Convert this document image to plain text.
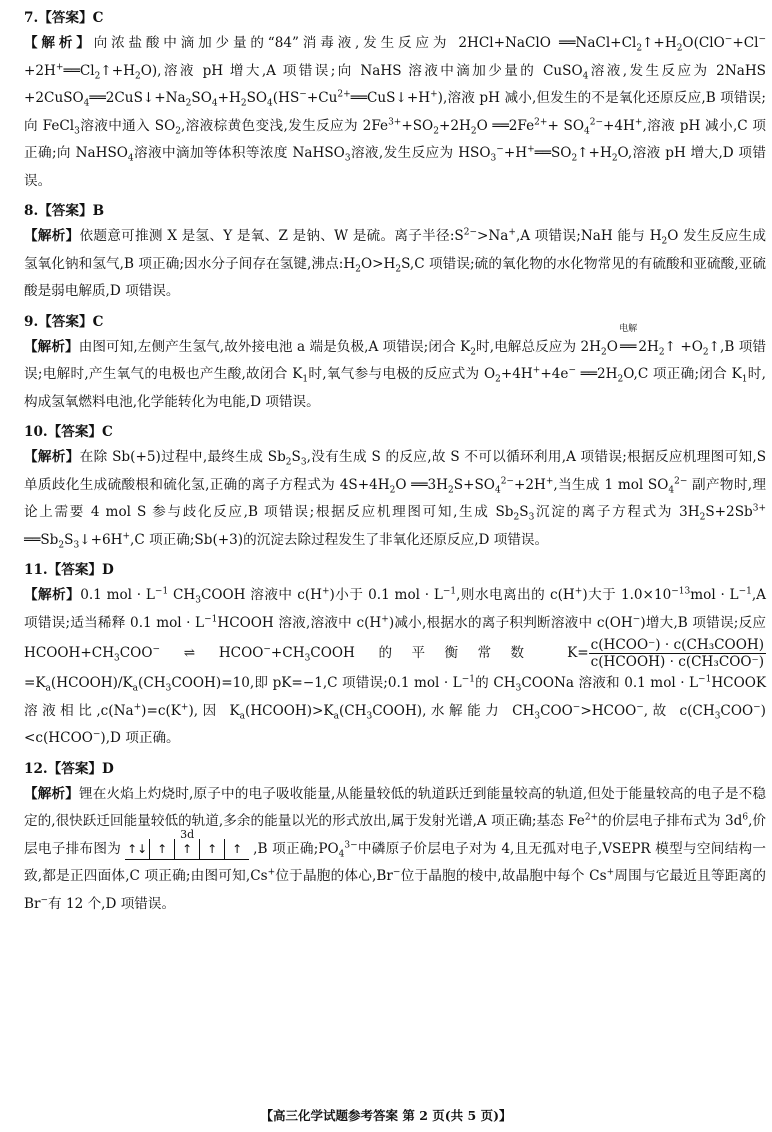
7.【答案】C

【解析】向浓盐酸中滴加少量的“84”消毒液,发生反应为 2HCl+NaClO $══NaCl+Cl_2↑+H_2O(ClO^-+Cl^-+2H^+══Cl_2↑+H_2O)$,溶液 pH 增大,A 项错误;向 NaHS 溶液中滴加少量的 CuSO$_4$溶液,发生反应为 2NaHS $+2CuSO_4══2CuS↓+Na_2SO_4+H_2SO_4(HS^-+Cu^{2+}══CuS↓+H^+)$,溶液 pH 减小,但发生的不是氧化还原反应,B 项错误;向 FeCl$_3$溶液中通入 $SO_2$,溶液棕黄色变浅,发生反应为 $2Fe^{3+}+SO_2+2H_2O$ $══2Fe^{2+}+ SO_4^{2-}+4H^+$,溶液 pH 减小,C 项正确;向 NaHSO$_4$溶液中滴加等体积等浓度 NaHSO$_3$溶液,发生反应为 $HSO_3^-+H^+══SO_2↑+H_2O$,溶液 pH 增大,D 项错误。

8.【答案】B

【解析】依题意可推测 X 是氢、Y 是氧、Z 是钠、W 是硫。离子半径$:S^{2-}>Na^+,A$ 项错误;NaH 能与 $H_2O$ 发生反应生成氢氧化钠和氢气,B 项正确;因水分子间存在氢键,沸点$:H_2O>H_2S,C$ 项错误;硫的氧化物的水化物常见的有硫酸和亚硫酸,亚硫酸是弱电解质,D 项错误。

9.【答案】C

【解析】由图可知,左侧产生氢气,故外接电池 a 端是负极,A 项错误;闭合 $K_2$时,电解总反应为 $2H_2O$
电解
══ $2H_2↑$ $+O_2↑,B$ 项错误;电解时,产生氧气的电极也产生酸,故闭合 $K_1$时,氧气参与电极的反应式为 $O_2+4H^++4e^-$ $══2H_2O,C$ 项正确;闭合 $K_1$时,构成氢氧燃料电池,化学能转化为电能,D 项错误。

10.【答案】C

【解析】在除 Sb(+5)过程中,最终生成 $Sb_2S_3$,没有生成 S 的反应,故 S 不可以循环利用,A 项错误;根据反应机理图可知,S 单质歧化生成硫酸根和硫化氢,正确的离子方程式为 $4S+4H_2O$ $══3H_2S+SO_4^{2-}+2H^+$,当生成 1 mol $SO_4^{2-}$ 副产物时,理论上需要 4 mol S 参与歧化反应,B 项错误;根据反应机理图可知,生成 $Sb_2S_3$沉淀的离子方程式为 $3H_2S+2Sb^{3+}$ $══Sb_2S_3↓+6H^+,C$ 项正确;Sb(+3)的沉淀去除过程发生了非氧化还原反应,D 项错误。

11.【答案】D

【解析】0.1 mol · $L^{-1}$ $CH_3COOH$ 溶液中 c(H+)小于 0.1 mol · $L^{-1}$,则水电离出的 c(H+)大于 $1.0\times 10^{-13}mol \cdot L^{-1},A$ 项错误;适当稀释 0.1 mol · $L^{-1}HCOOH$ 溶液,溶液中 c(H+)减小,根据水的离子积判断溶液中 c(OH−)增大,B 项错误;反应 $HCOOH+CH_3COO^-$ ⇌ $HCOO^-+CH_3COOH$ 的平衡常数 $K= \frac{\text{c(HCOO⁻) · c(CH₃COOH)}}{\text{c(HCOOH) · c(CH₃COO⁻)}}$
$=K_a(HCOOH)/K_a(CH_3COOH)=10$,即 pK=−1,C 项错误;0.1 mol · $L^{-1}$的 $CH_3COONa$ 溶液和 0.1 mol · $L^{-1}HCOOK$ 溶液相比,c(Na+)=c(K+),因 $K_a(HCOOH)>K_a(CH_3COOH)$,水解能力 $CH_3COO^->HCOO^-$,故 $c(CH_3COO^-)<c(HCOO^-),D$ 项正确。

12.【答案】D

【解析】锂在火焰上灼烧时,原子中的电子吸收能量,从能量较低的轨道跃迁到能量较高的轨道,但处于能量较高的电子是不稳定的,很快跃迁回能量较低的轨道,多余的能量以光的形式放出,属于发射光谱,A 项正确;基态 $Fe^{2+}$的价层电子排布式为 $3d^6$,价层电子排布图为
3d
↑↓ ↑	↑	↑	↑ ,B 项正确$;PO_4^{3-}$中磷原子价层电子对为 4,且无孤对电子,VSEPR 模型与空间结构一致,都是正四面体,C 项正确;由图可知,Cs+位于晶胞的体心,Br−位于晶胞的棱中,故晶胞中每个 Cs+周围与它最近且等距离的 Br−有 12 个,D 项错误。

【高三化学试题参考答案 第 2 页(共 5 页)】
